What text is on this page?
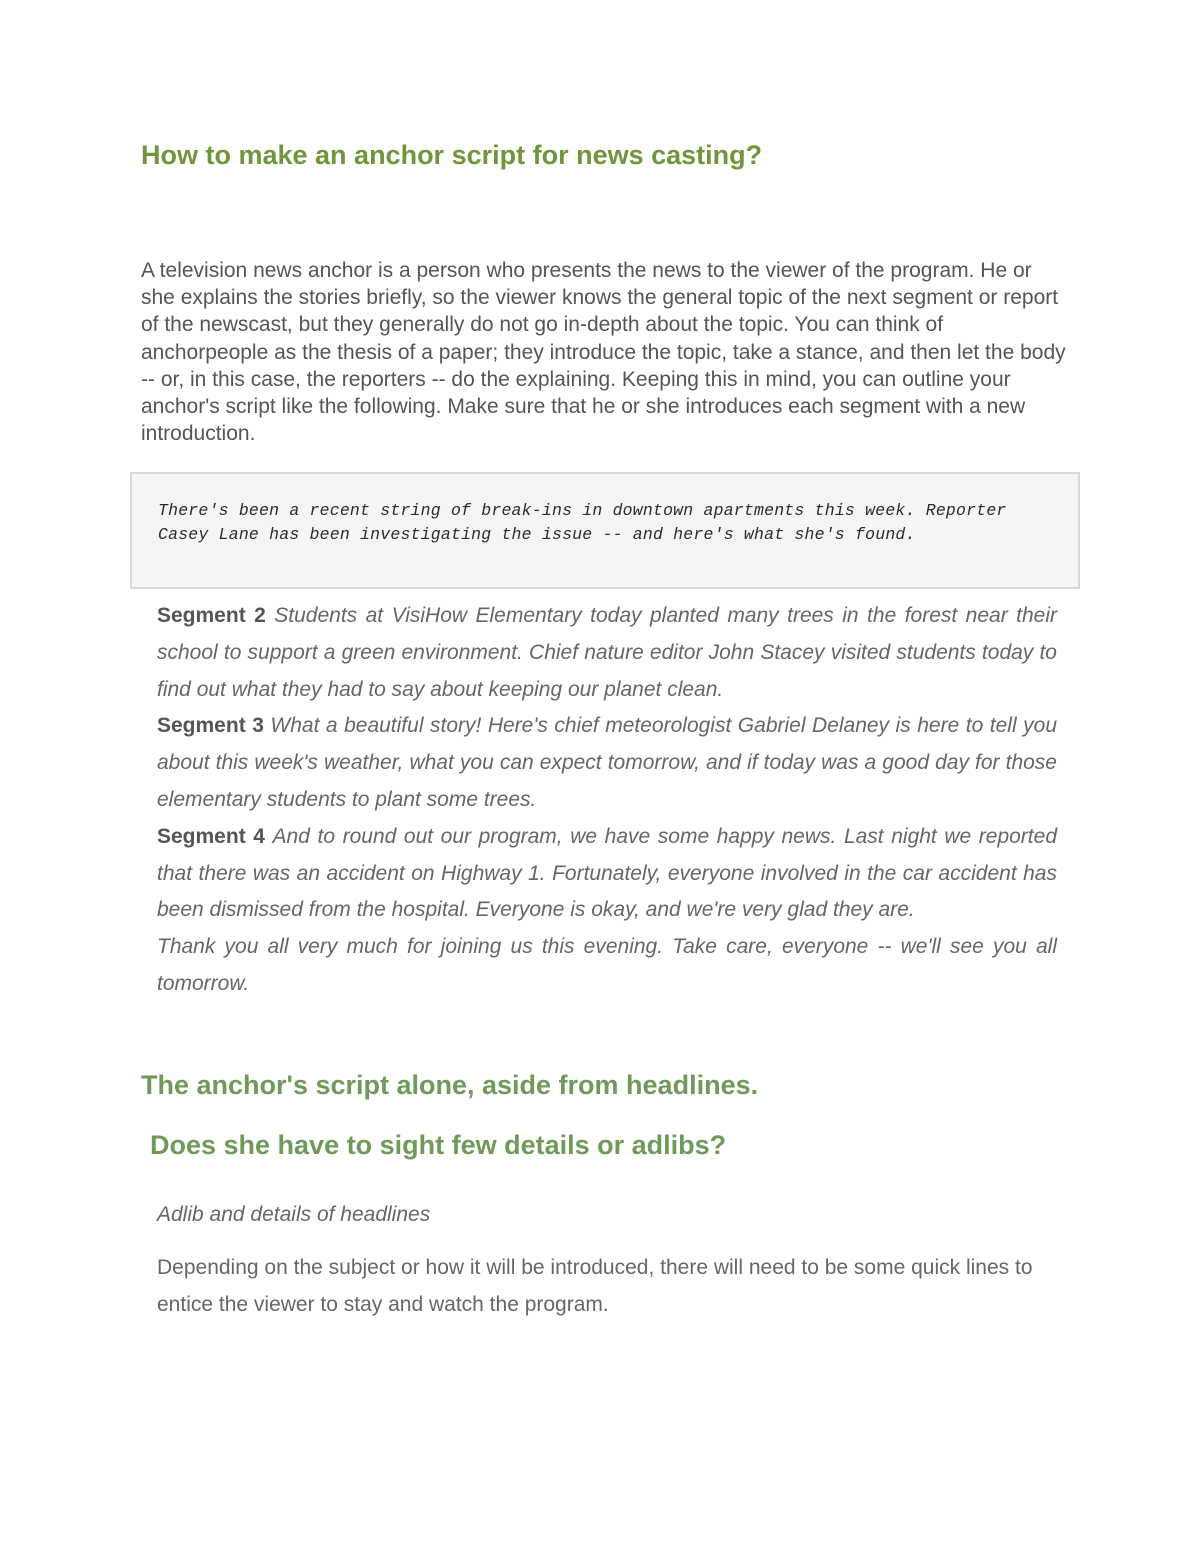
How to make an anchor script for news casting?

A television news anchor is a person who presents the news to the viewer of the program. He or she explains the stories briefly, so the viewer knows the general topic of the next segment or report of the newscast, but they generally do not go in-depth about the topic. You can think of anchorpeople as the thesis of a paper; they introduce the topic, take a stance, and then let the body -- or, in this case, the reporters -- do the explaining. Keeping this in mind, you can outline your anchor's script like the following. Make sure that he or she introduces each segment with a new introduction.

There's been a recent string of break-ins in downtown apartments this week. Reporter Casey Lane has been investigating the issue -- and here's what she's found.

Segment 2 Students at VisiHow Elementary today planted many trees in the forest near their school to support a green environment. Chief nature editor John Stacey visited students today to find out what they had to say about keeping our planet clean.

Segment 3 What a beautiful story! Here's chief meteorologist Gabriel Delaney is here to tell you about this week's weather, what you can expect tomorrow, and if today was a good day for those elementary students to plant some trees.

Segment 4 And to round out our program, we have some happy news. Last night we reported that there was an accident on Highway 1. Fortunately, everyone involved in the car accident has been dismissed from the hospital. Everyone is okay, and we're very glad they are.

Thank you all very much for joining us this evening. Take care, everyone -- we'll see you all tomorrow.

The anchor's script alone, aside from headlines.
Does she have to sight few details or adlibs?

Adlib and details of headlines

Depending on the subject or how it will be introduced, there will need to be some quick lines to entice the viewer to stay and watch the program.
